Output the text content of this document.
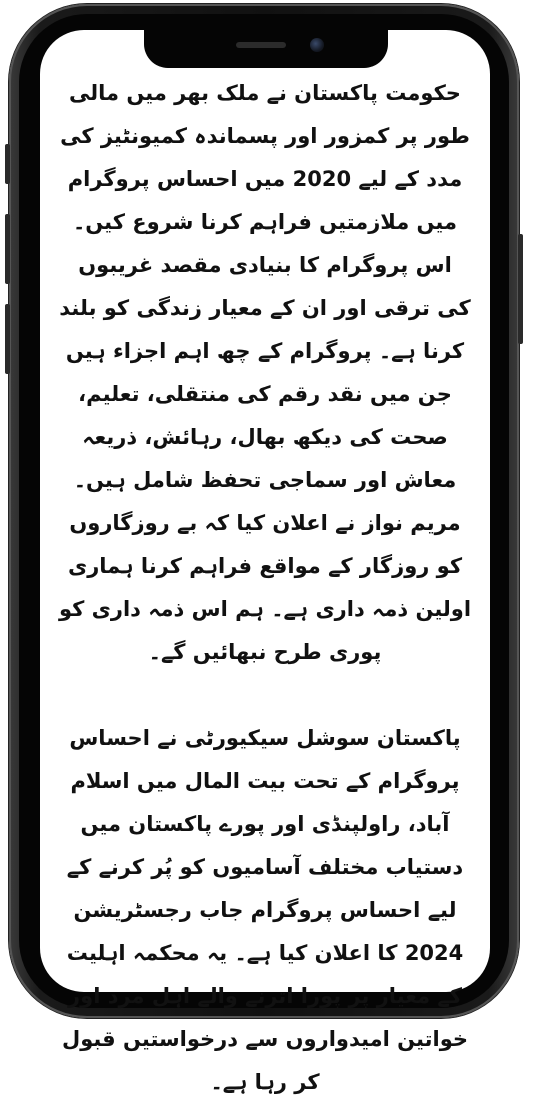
حکومت پاکستان نے ملک بھر میں مالی طور پر کمزور اور پسماندہ کمیونٹیز کی مدد کے لیے 2020 میں احساس پروگرام میں ملازمتیں فراہم کرنا شروع کیں۔ اس پروگرام کا بنیادی مقصد غریبوں کی ترقی اور ان کے معیار زندگی کو بلند کرنا ہے۔ پروگرام کے چھ اہم اجزاء ہیں جن میں نقد رقم کی منتقلی، تعلیم، صحت کی دیکھ بھال، رہائش، ذریعہ معاش اور سماجی تحفظ شامل ہیں۔ مریم نواز نے اعلان کیا کہ بے روزگاروں کو روزگار کے مواقع فراہم کرنا ہماری اولین ذمہ داری ہے۔ ہم اس ذمہ داری کو پوری طرح نبھائیں گے۔

پاکستان سوشل سیکیورٹی نے احساس پروگرام کے تحت بیت المال میں اسلام آباد، راولپنڈی اور پورے پاکستان میں دستیاب مختلف آسامیوں کو پُر کرنے کے لیے احساس پروگرام جاب رجسٹریشن 2024 کا اعلان کیا ہے۔ یہ محکمہ اہلیت کے معیار پر پورا اترنے والے اہل مرد اور خواتین امیدواروں سے درخواستیں قبول کر رہا ہے۔
